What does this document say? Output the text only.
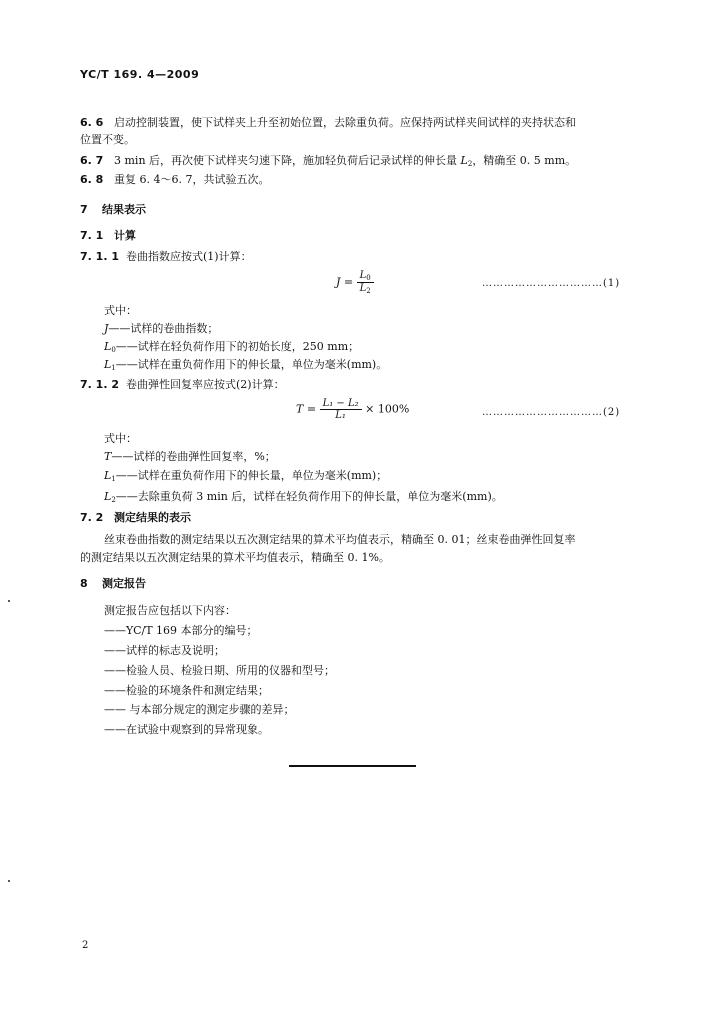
YC/T 169. 4—2009
6. 6 启动控制装置，使下试样夹上升至初始位置，去除重负荷。应保持两试样夹间试样的夹持状态和
位置不变。
6. 7 3 min 后，再次使下试样夹匀速下降，施加轻负荷后记录试样的伸长量 $L_2$，精确至 0. 5 mm。
6. 8 重复 6. 4～6. 7，共试验五次。
7 结果表示
7. 1 计算
7. 1. 1 卷曲指数应按式(1)计算：
$J = \frac{L_0}{L_2}$	……………………………(1)
式中：
J——试样的卷曲指数；
$L_0——$试样在轻负荷作用下的初始长度，250 mm；
$L_1——$试样在重负荷作用下的伸长量，单位为毫米(mm)。
7. 1. 2 卷曲弹性回复率应按式(2)计算：
$T = \frac{\text{L₁ − L₂}}{\text{L₁}} \times 100\%$	……………………………(2)
式中：
T——试样的卷曲弹性回复率，%；
$L_1——$试样在重负荷作用下的伸长量，单位为毫米(mm)；
$L_2——$去除重负荷 3 min 后，试样在轻负荷作用下的伸长量，单位为毫米(mm)。
7. 2 测定结果的表示
丝束卷曲指数的测定结果以五次测定结果的算术平均值表示，精确至 0. 01；丝束卷曲弹性回复率
的测定结果以五次测定结果的算术平均值表示，精确至 0. 1%。
8 测定报告
测定报告应包括以下内容：
——YC/T 169 本部分的编号；
——试样的标志及说明；
——检验人员、检验日期、所用的仪器和型号；
——检验的环境条件和测定结果；
—— 与本部分规定的测定步骤的差异；
——在试验中观察到的异常现象。
2
